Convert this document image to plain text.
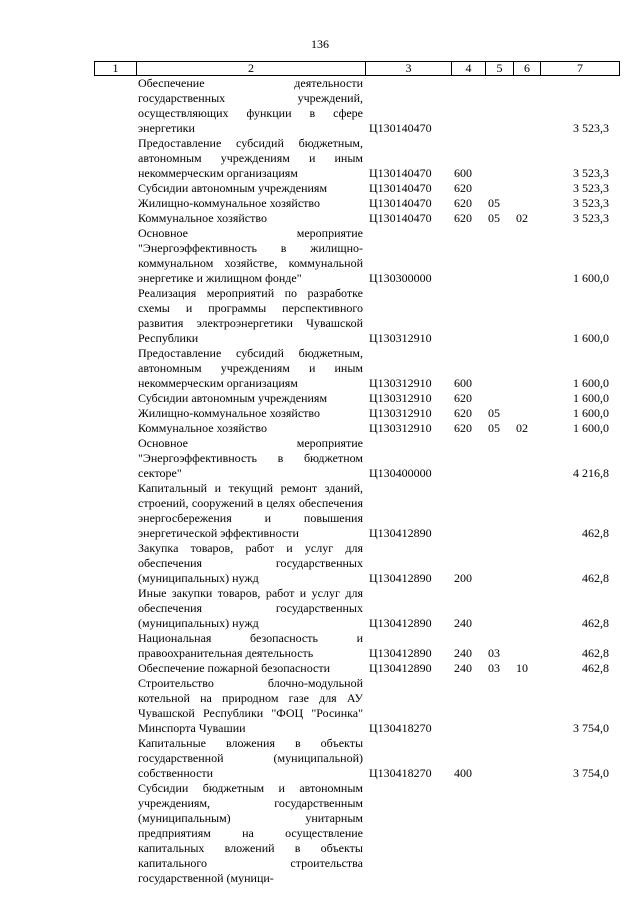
136
1	2	3	4	5	6	7
	Обеспечение деятельности государственных учреждений, осуществляющих функции в сфере энергетики	Ц130140470				3 523,3
	Предоставление субсидий бюджетным, автономным учреждениям и иным некоммерческим организациям	Ц130140470	600			3 523,3
	Субсидии автономным учреждениям	Ц130140470	620			3 523,3
	Жилищно-коммунальное хозяйство	Ц130140470	620	05		3 523,3
	Коммунальное хозяйство	Ц130140470	620	05	02	3 523,3
	Основное мероприятие "Энергоэффективность в жилищно-коммунальном хозяйстве, коммунальной энергетике и жилищном фонде"	Ц130300000				1 600,0
	Реализация мероприятий по разработке схемы и программы перспективного развития электроэнергетики Чувашской Республики	Ц130312910				1 600,0
	Предоставление субсидий бюджетным, автономным учреждениям и иным некоммерческим организациям	Ц130312910	600			1 600,0
	Субсидии автономным учреждениям	Ц130312910	620			1 600,0
	Жилищно-коммунальное хозяйство	Ц130312910	620	05		1 600,0
	Коммунальное хозяйство	Ц130312910	620	05	02	1 600,0
	Основное мероприятие "Энергоэффективность в бюджетном секторе"	Ц130400000				4 216,8
	Капитальный и текущий ремонт зданий, строений, сооружений в целях обеспечения энергосбережения и повышения энергетической эффективности	Ц130412890				462,8
	Закупка товаров, работ и услуг для обеспечения государственных (муниципальных) нужд	Ц130412890	200			462,8
	Иные закупки товаров, работ и услуг для обеспечения государственных (муниципальных) нужд	Ц130412890	240			462,8
	Национальная безопасность и правоохранительная деятельность	Ц130412890	240	03		462,8
	Обеспечение пожарной безопасности	Ц130412890	240	03	10	462,8
	Строительство блочно-модульной котельной на природном газе для АУ Чувашской Республики "ФОЦ "Росинка" Минспорта Чувашии	Ц130418270				3 754,0
	Капитальные вложения в объекты государственной (муниципальной) собственности	Ц130418270	400			3 754,0
	Субсидии бюджетным и автономным учреждениям, государственным (муниципальным) унитарным предприятиям на осуществление капитальных вложений в объекты капитального строительства государственной (муници-					
